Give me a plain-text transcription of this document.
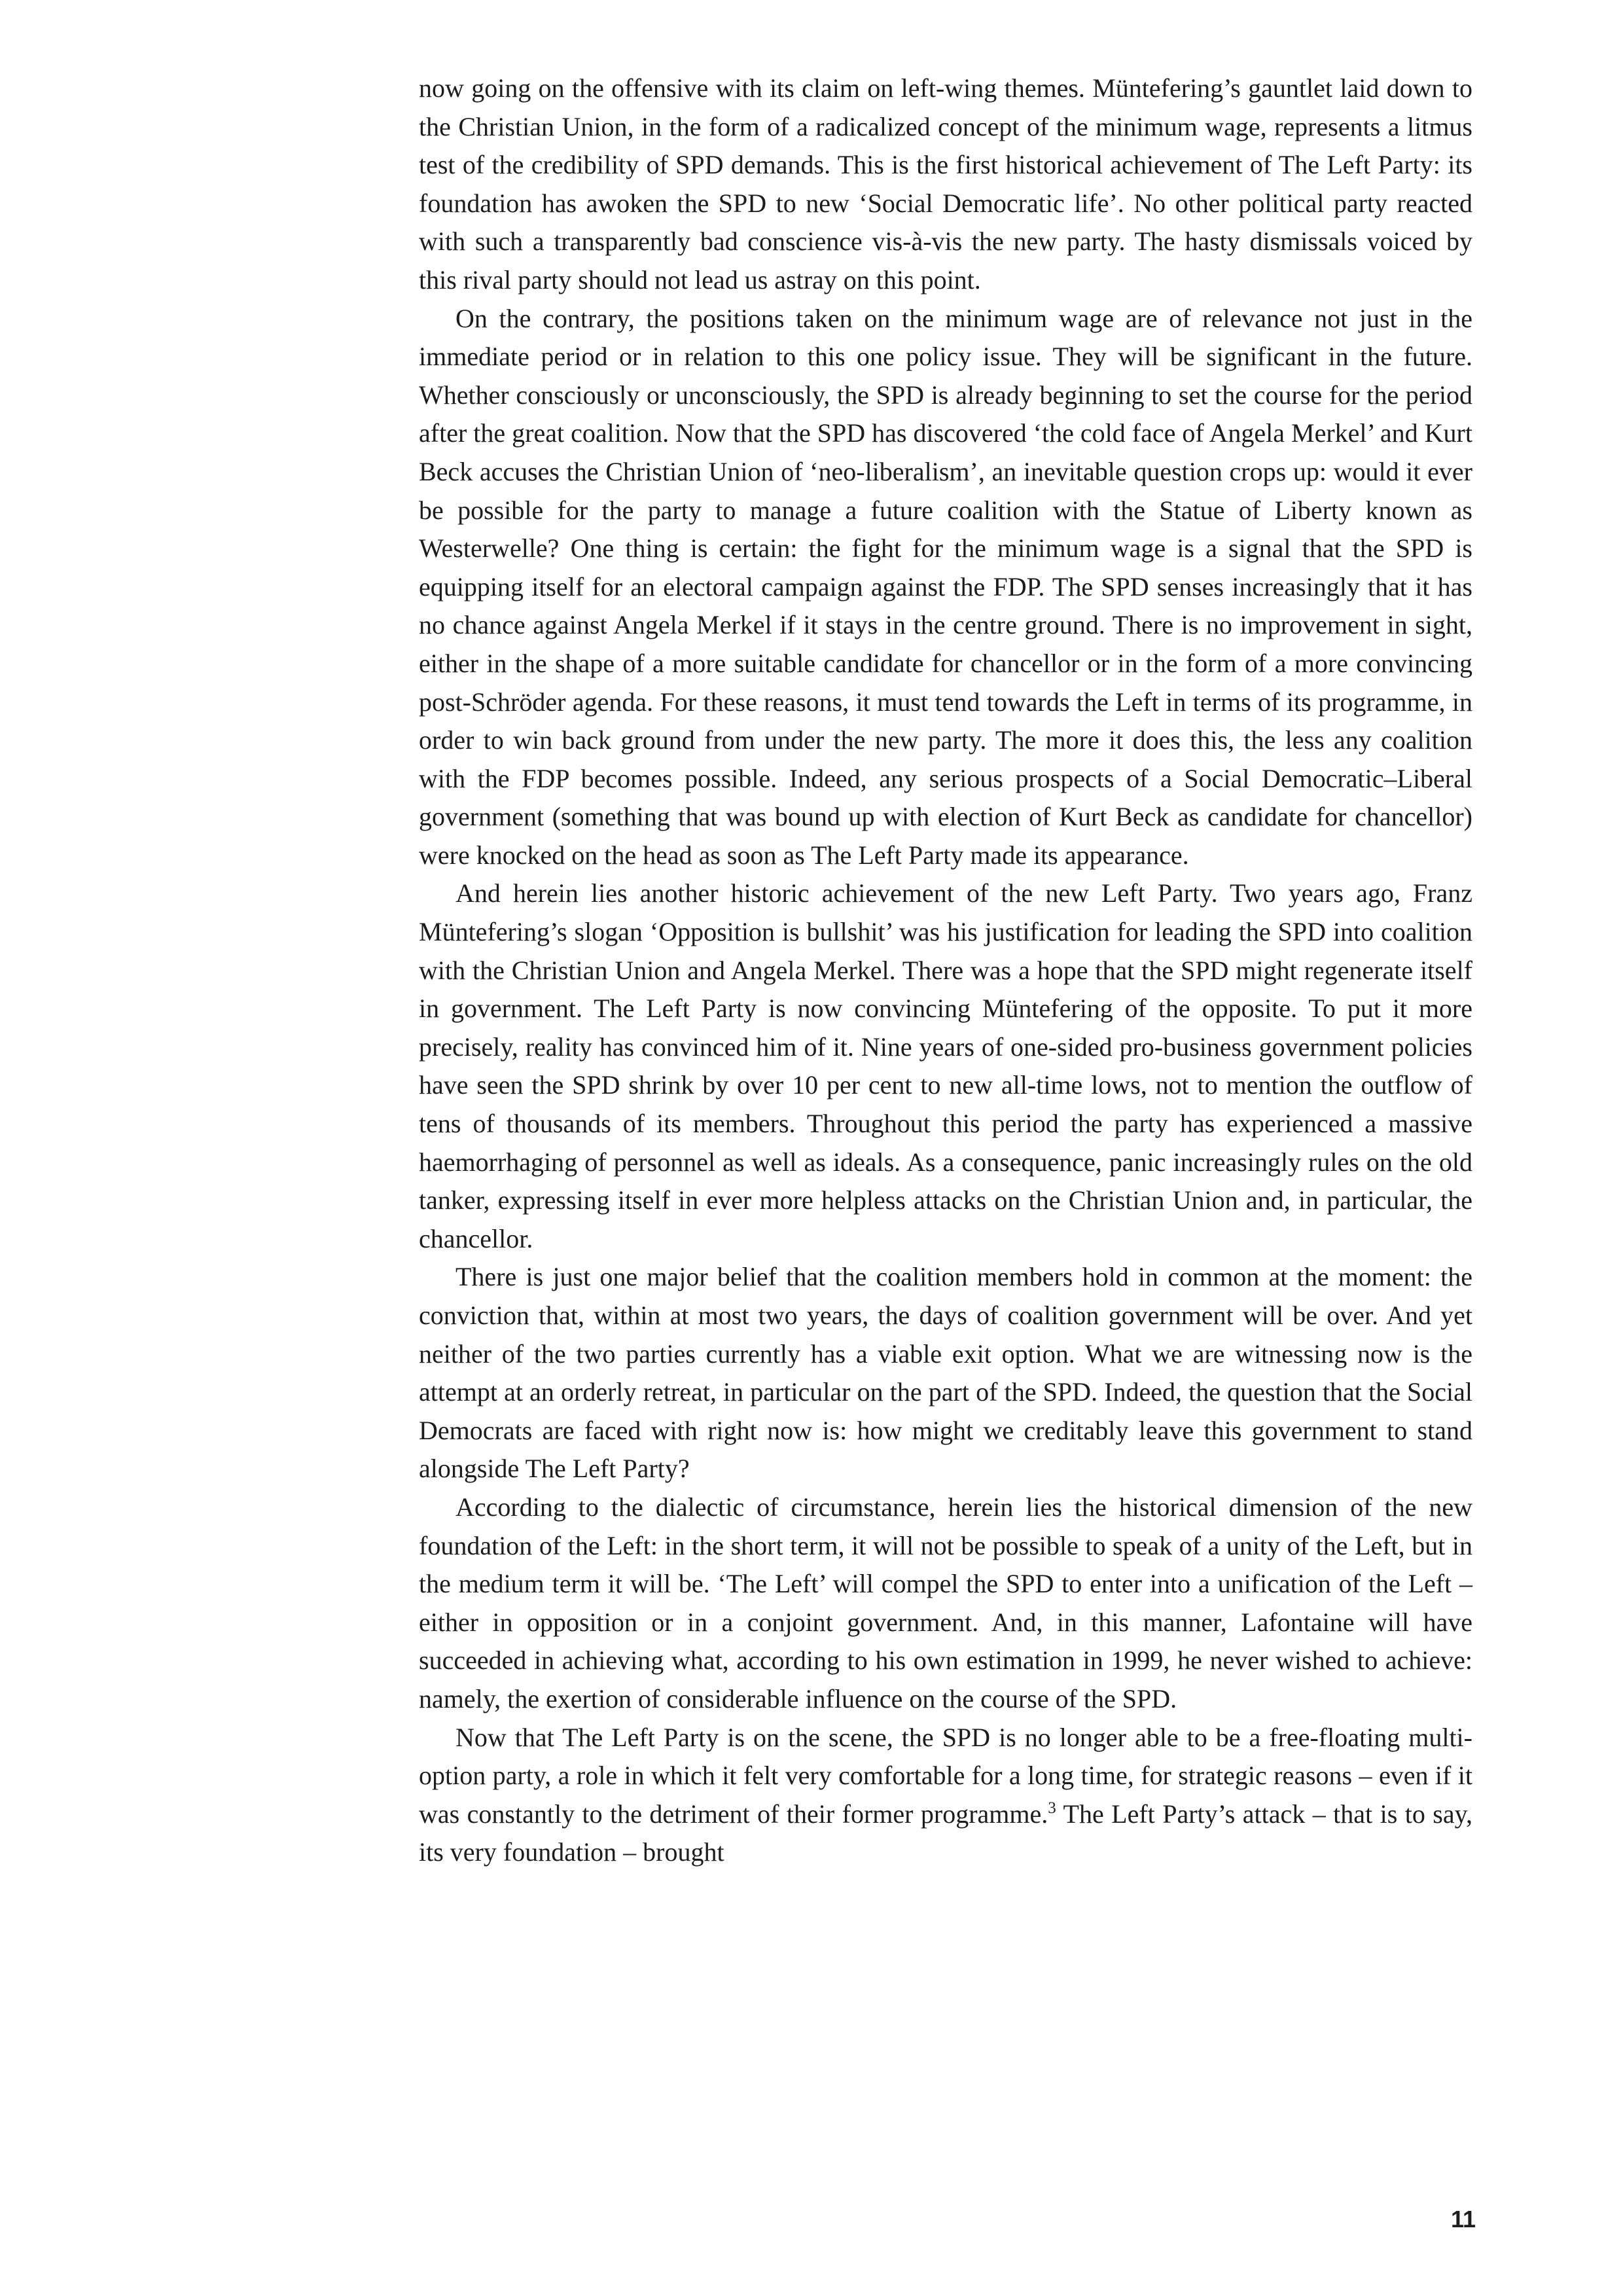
now going on the offensive with its claim on left-wing themes. Müntefering’s gauntlet laid down to the Christian Union, in the form of a radicalized concept of the minimum wage, represents a litmus test of the credibility of SPD demands. This is the first historical achievement of The Left Party: its foundation has awoken the SPD to new ‘Social Democratic life’. No other political party reacted with such a transparently bad conscience vis-à-vis the new party. The hasty dismissals voiced by this rival party should not lead us astray on this point.

On the contrary, the positions taken on the minimum wage are of relevance not just in the immediate period or in relation to this one policy issue. They will be significant in the future. Whether consciously or unconsciously, the SPD is already beginning to set the course for the period after the great coalition. Now that the SPD has discovered ‘the cold face of Angela Merkel’ and Kurt Beck accuses the Christian Union of ‘neo-liberalism’, an inevitable question crops up: would it ever be possible for the party to manage a future coalition with the Statue of Liberty known as Westerwelle? One thing is certain: the fight for the minimum wage is a signal that the SPD is equipping itself for an electoral campaign against the FDP. The SPD senses increasingly that it has no chance against Angela Merkel if it stays in the centre ground. There is no improvement in sight, either in the shape of a more suitable candidate for chancellor or in the form of a more convincing post-Schröder agenda. For these reasons, it must tend towards the Left in terms of its programme, in order to win back ground from under the new party. The more it does this, the less any coalition with the FDP becomes possible. Indeed, any serious prospects of a Social Democratic–Liberal government (something that was bound up with election of Kurt Beck as candidate for chancellor) were knocked on the head as soon as The Left Party made its appearance.

And herein lies another historic achievement of the new Left Party. Two years ago, Franz Müntefering’s slogan ‘Opposition is bullshit’ was his justification for leading the SPD into coalition with the Christian Union and Angela Merkel. There was a hope that the SPD might regenerate itself in government. The Left Party is now convincing Müntefering of the opposite. To put it more precisely, reality has convinced him of it. Nine years of one-sided pro-business government policies have seen the SPD shrink by over 10 per cent to new all-time lows, not to mention the outflow of tens of thousands of its members. Throughout this period the party has experienced a massive haemorrhaging of personnel as well as ideals. As a consequence, panic increasingly rules on the old tanker, expressing itself in ever more helpless attacks on the Christian Union and, in particular, the chancellor.

There is just one major belief that the coalition members hold in common at the moment: the conviction that, within at most two years, the days of coalition government will be over. And yet neither of the two parties currently has a viable exit option. What we are witnessing now is the attempt at an orderly retreat, in particular on the part of the SPD. Indeed, the question that the Social Democrats are faced with right now is: how might we creditably leave this government to stand alongside The Left Party?

According to the dialectic of circumstance, herein lies the historical dimension of the new foundation of the Left: in the short term, it will not be possible to speak of a unity of the Left, but in the medium term it will be. ‘The Left’ will compel the SPD to enter into a unification of the Left – either in opposition or in a conjoint government. And, in this manner, Lafontaine will have succeeded in achieving what, according to his own estimation in 1999, he never wished to achieve: namely, the exertion of considerable influence on the course of the SPD.

Now that The Left Party is on the scene, the SPD is no longer able to be a free-floating multi-option party, a role in which it felt very comfortable for a long time, for strategic reasons – even if it was constantly to the detriment of their former programme.$^3$ The Left Party’s attack – that is to say, its very foundation – brought

11
